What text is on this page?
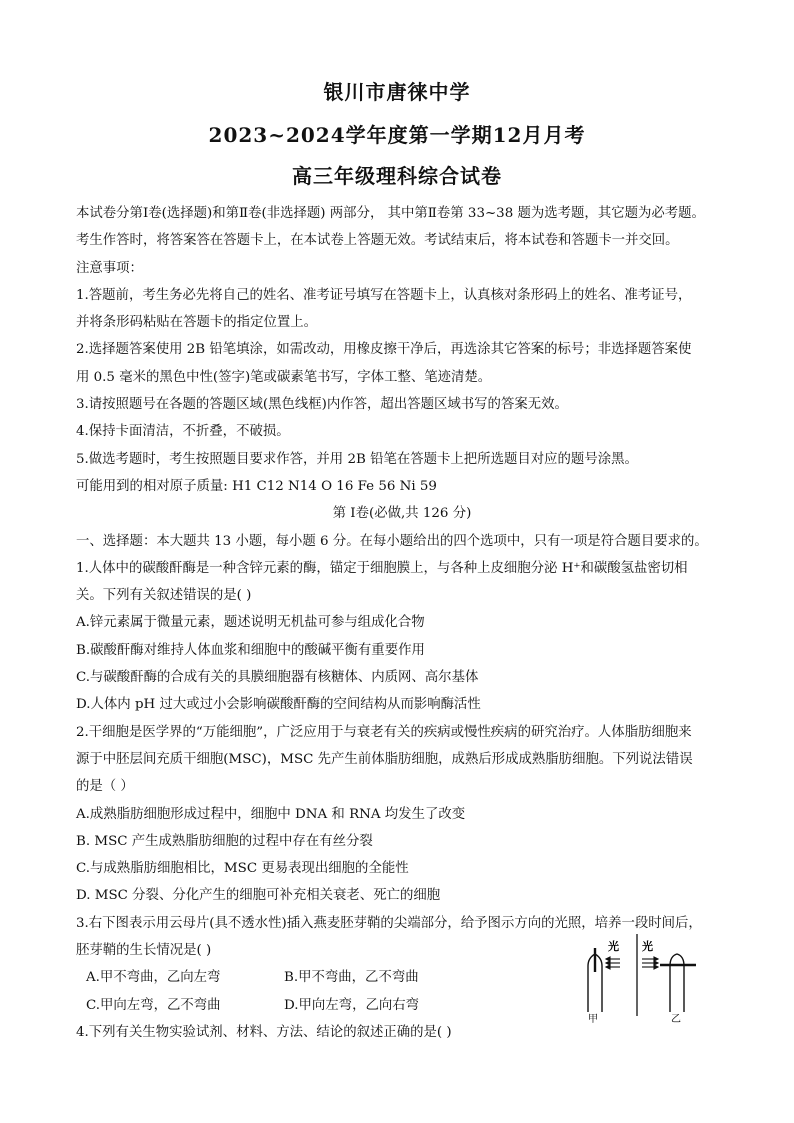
银川市唐徕中学
2023~2024学年度第一学期12月月考
高三年级理科综合试卷
本试卷分第Ⅰ卷(选择题)和第Ⅱ卷(非选择题) 两部分， 其中第Ⅱ卷第 33~38 题为选考题，其它题为必考题。
考生作答时，将答案答在答题卡上，在本试卷上答题无效。考试结束后，将本试卷和答题卡一并交回。
注意事项：
1.答题前，考生务必先将自己的姓名、准考证号填写在答题卡上，认真核对条形码上的姓名、准考证号，
并将条形码粘贴在答题卡的指定位置上。
2.选择题答案使用 2B 铅笔填涂，如需改动，用橡皮擦干净后，再选涂其它答案的标号；非选择题答案使
用 0.5 毫米的黑色中性(签字)笔或碳素笔书写，字体工整、笔迹清楚。
3.请按照题号在各题的答题区域(黑色线框)内作答，超出答题区域书写的答案无效。
4.保持卡面清洁，不折叠，不破损。
5.做选考题时，考生按照题目要求作答，并用 2B 铅笔在答题卡上把所选题目对应的题号涂黑。
可能用到的相对原子质量: H1 C12 N14 O 16 Fe 56 Ni 59
第 Ⅰ卷(必做,共 126 分)
一、选择题：本大题共 13 小题，每小题 6 分。在每小题给出的四个选项中，只有一项是符合题目要求的。
1.人体中的碳酸酐酶是一种含锌元素的酶，锚定于细胞膜上，与各种上皮细胞分泌 H⁺和碳酸氢盐密切相
关。下列有关叙述错误的是( )
A.锌元素属于微量元素，题述说明无机盐可参与组成化合物
B.碳酸酐酶对维持人体血浆和细胞中的酸碱平衡有重要作用
C.与碳酸酐酶的合成有关的具膜细胞器有核糖体、内质网、高尔基体
D.人体内 pH 过大或过小会影响碳酸酐酶的空间结构从而影响酶活性
2.干细胞是医学界的“万能细胞”，广泛应用于与衰老有关的疾病或慢性疾病的研究治疗。人体脂肪细胞来
源于中胚层间充质干细胞(MSC)，MSC 先产生前体脂肪细胞，成熟后形成成熟脂肪细胞。下列说法错误
的是（ ）
A.成熟脂肪细胞形成过程中，细胞中 DNA 和 RNA 均发生了改变
B. MSC 产生成熟脂肪细胞的过程中存在有丝分裂
C.与成熟脂肪细胞相比，MSC 更易表现出细胞的全能性
D. MSC 分裂、分化产生的细胞可补充相关衰老、死亡的细胞
3.右下图表示用云母片(具不透水性)插入燕麦胚芽鞘的尖端部分，给予图示方向的光照，培养一段时间后，
胚芽鞘的生长情况是( )
A.甲不弯曲，乙向左弯	B.甲不弯曲，乙不弯曲
C.甲向左弯，乙不弯曲	D.甲向左弯，乙向右弯
4.下列有关生物实验试剂、材料、方法、结论的叙述正确的是( )
光 光
甲	乙
